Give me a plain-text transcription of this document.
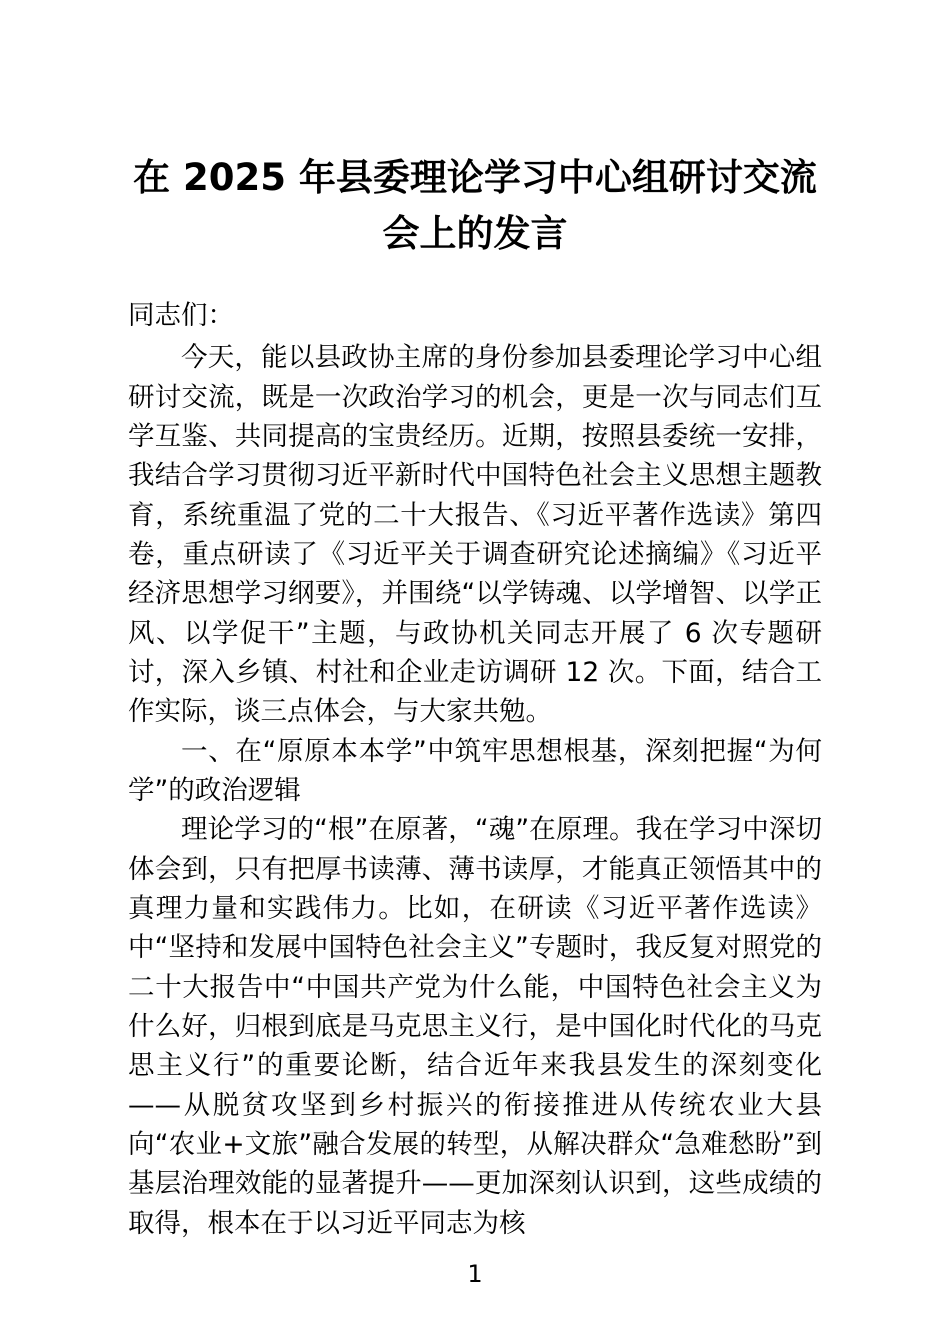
在 2025 年县委理论学习中心组研讨交流会上的发言
同志们：

今天，能以县政协主席的身份参加县委理论学习中心组研讨交流，既是一次政治学习的机会，更是一次与同志们互学互鉴、共同提高的宝贵经历。近期，按照县委统一安排，我结合学习贯彻习近平新时代中国特色社会主义思想主题教育，系统重温了党的二十大报告、《习近平著作选读》第四卷，重点研读了《习近平关于调查研究论述摘编》《习近平经济思想学习纲要》，并围绕“以学铸魂、以学增智、以学正风、以学促干”主题，与政协机关同志开展了 6 次专题研讨，深入乡镇、村社和企业走访调研 12 次。下面，结合工作实际，谈三点体会，与大家共勉。

一、在“原原本本学”中筑牢思想根基，深刻把握“为何学”的政治逻辑

理论学习的“根”在原著，“魂”在原理。我在学习中深切体会到，只有把厚书读薄、薄书读厚，才能真正领悟其中的真理力量和实践伟力。比如，在研读《习近平著作选读》中“坚持和发展中国特色社会主义”专题时，我反复对照党的二十大报告中“中国共产党为什么能，中国特色社会主义为什么好，归根到底是马克思主义行，是中国化时代化的马克思主义行”的重要论断，结合近年来我县发生的深刻变化——从脱贫攻坚到乡村振兴的衔接推进从传统农业大县向“农业+文旅”融合发展的转型，从解决群众“急难愁盼”到基层治理效能的显著提升——更加深刻认识到，这些成绩的取得，根本在于以习近平同志为核

1
